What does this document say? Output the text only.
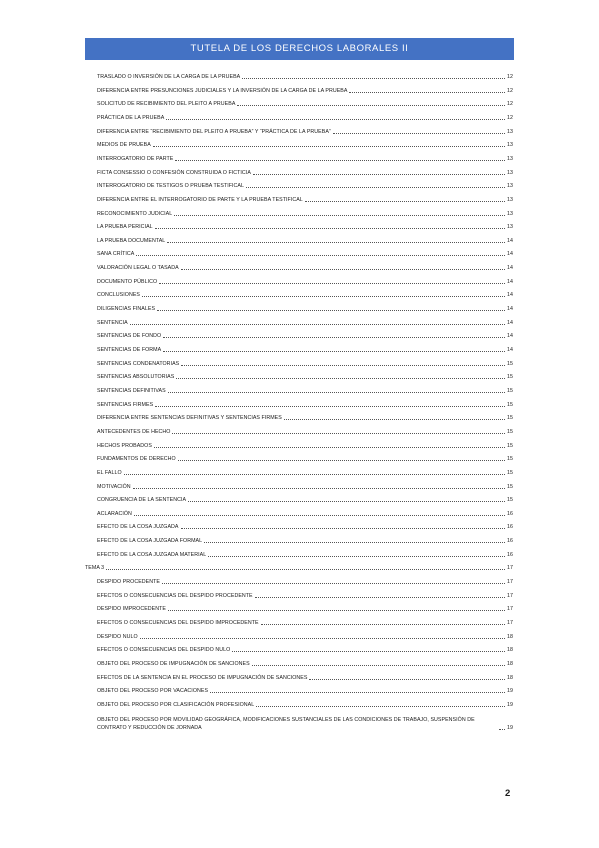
TUTELA DE LOS DERECHOS LABORALES II
TRASLADO O INVERSIÓN DE LA CARGA DE LA PRUEBA	12
DIFERENCIA ENTRE PRESUNCIONES JUDICIALES Y LA INVERSIÓN DE LA CARGA DE LA PRUEBA	12
SOLICITUD DE RECIBIMIENTO DEL PLEITO A PRUEBA	12
PRÁCTICA DE LA PRUEBA	12
DIFERENCIA ENTRE “RECIBIMIENTO DEL PLEITO A PRUEBA” Y “PRÁCTICA DE LA PRUEBA”	13
MEDIOS DE PRUEBA	13
INTERROGATORIO DE PARTE	13
FICTA CONSESSIO O CONFESIÓN CONSTRUIDA O FICTICIA	13
INTERROGATORIO DE TESTIGOS O PRUEBA TESTIFICAL	13
DIFERENCIA ENTRE EL INTERROGATORIO DE PARTE Y LA PRUEBA TESTIFICAL	13
RECONOCIMIENTO JUDICIAL	13
LA PRUEBA PERICIAL	13
LA PRUEBA DOCUMENTAL	14
SANA CRÍTICA	14
VALORACIÓN LEGAL O TASADA	14
DOCUMENTO PÚBLICO	14
CONCLUSIONES	14
DILIGENCIAS FINALES	14
SENTENCIA	14
SENTENCIAS DE FONDO	14
SENTENCIAS DE FORMA	14
SENTENCIAS CONDENATORIAS	15
SENTENCIAS ABSOLUTORIAS	15
SENTENCIAS DEFINITIVAS	15
SENTENCIAS FIRMES	15
DIFERENCIA ENTRE SENTENCIAS DEFINITIVAS Y SENTENCIAS FIRMES	15
ANTECEDENTES DE HECHO	15
HECHOS PROBADOS	15
FUNDAMENTOS DE DERECHO	15
EL FALLO	15
MOTIVACIÓN	15
CONGRUENCIA DE LA SENTENCIA	15
ACLARACIÓN	16
EFECTO DE LA COSA JUZGADA	16
EFECTO DE LA COSA JUZGADA FORMAL	16
EFECTO DE LA COSA JUZGADA MATERIAL	16
TEMA 3	17
DESPIDO PROCEDENTE	17
EFECTOS O CONSECUENCIAS DEL DESPIDO PROCEDENTE	17
DESPIDO IMPROCEDENTE	17
EFECTOS O CONSECUENCIAS DEL DESPIDO IMPROCEDENTE	17
DESPIDO NULO	18
EFECTOS O CONSECUENCIAS DEL DESPIDO NULO	18
OBJETO DEL PROCESO DE IMPUGNACIÓN DE SANCIONES	18
EFECTOS DE LA SENTENCIA EN EL PROCESO DE IMPUGNACIÓN DE SANCIONES	18
OBJETO DEL PROCESO POR VACACIONES	19
OBJETO DEL PROCESO POR CLASIFICACIÓN PROFESIONAL	19
OBJETO DEL PROCESO POR MOVILIDAD GEOGRÁFICA, MODIFICACIONES SUSTANCIALES DE LAS CONDICIONES DE TRABAJO, SUSPENSIÓN DE CONTRATO Y REDUCCIÓN DE JORNADA	19
2
